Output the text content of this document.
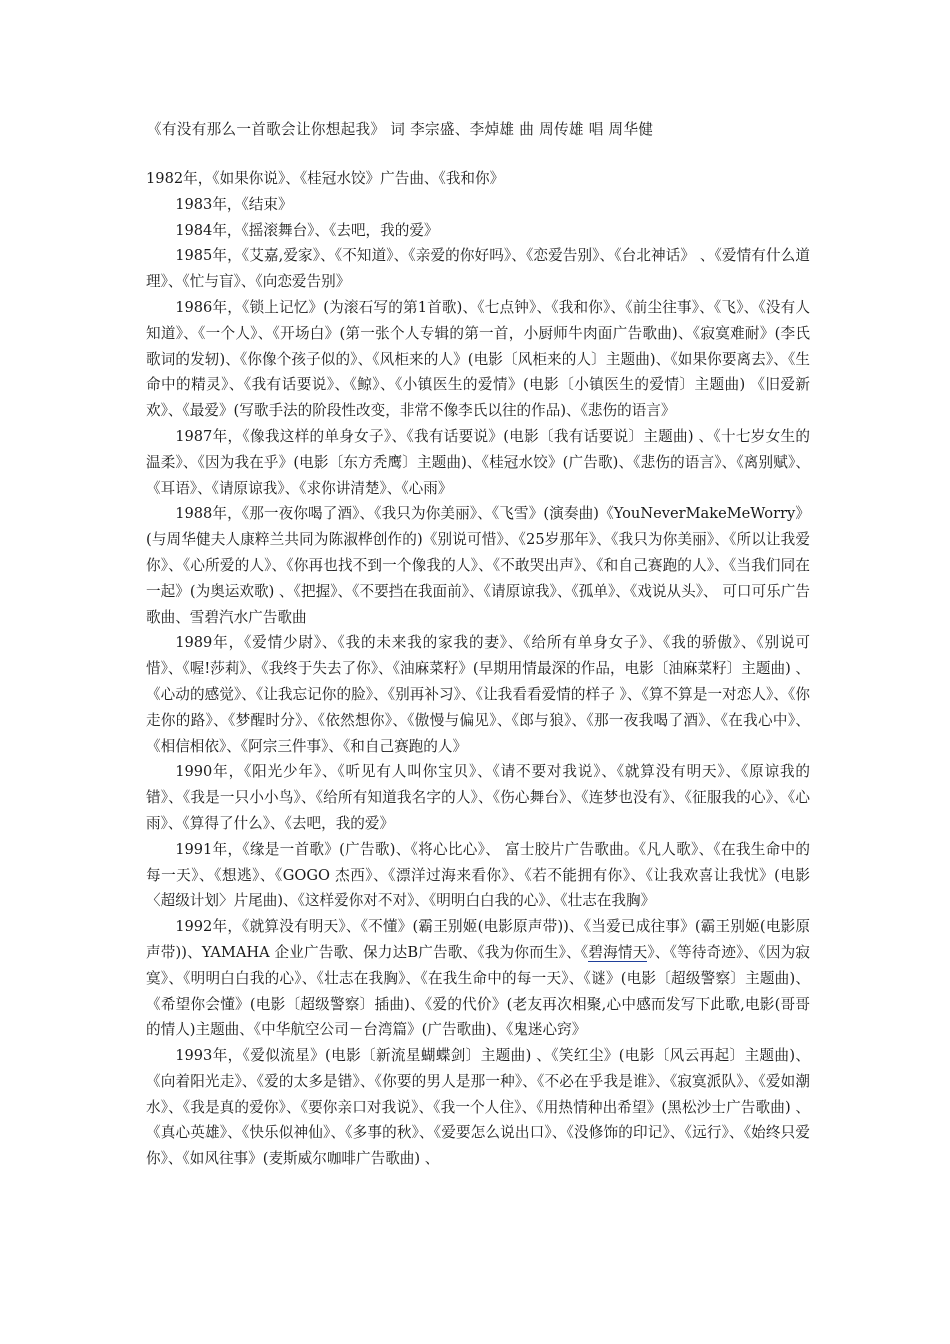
《有没有那么一首歌会让你想起我》 词 李宗盛、李焯雄 曲 周传雄 唱 周华健

1982年，《如果你说》、《桂冠水饺》广告曲、《我和你》

1983年，《结束》

1984年，《摇滚舞台》、《去吧，我的爱》

1985年，《艾嘉,爱家》、《不知道》、《亲爱的你好吗》、《恋爱告别》、《台北神话》 、《爱情有什么道理》、《忙与盲》、《向恋爱告别》

1986年，《锁上记忆》(为滚石写的第1首歌)、《七点钟》、《我和你》、《前尘往事》、《飞》、《没有人知道》、《一个人》、《开场白》(第一张个人专辑的第一首，小厨师牛肉面广告歌曲)、《寂寞难耐》(李氏歌词的发轫)、《你像个孩子似的》、《风柜来的人》(电影〔风柜来的人〕主题曲)、《如果你要离去》、《生命中的精灵》、《我有话要说》、《鲸》、《小镇医生的爱情》(电影〔小镇医生的爱情〕主题曲) 《旧爱新欢》、《最爱》(写歌手法的阶段性改变，非常不像李氏以往的作品)、《悲伤的语言》

1987年，《像我这样的单身女子》、《我有话要说》(电影〔我有话要说〕主题曲) 、《十七岁女生的温柔》、《因为我在乎》(电影〔东方秃鹰〕主题曲)、《桂冠水饺》(广告歌)、《悲伤的语言》、《离别赋》、《耳语》、《请原谅我》、《求你讲清楚》、《心雨》

1988年，《那一夜你喝了酒》、《我只为你美丽》、《飞雪》(演奏曲)《YouNeverMakeMeWorry》(与周华健夫人康粹兰共同为陈淑桦创作的)《别说可惜》、《25岁那年》、《我只为你美丽》、《所以让我爱你》、《心所爱的人》、《你再也找不到一个像我的人》、《不敢哭出声》、《和自己赛跑的人》、《当我们同在一起》(为奥运欢歌) 、《把握》、《不要挡在我面前》、《请原谅我》、《孤单》、《戏说从头》、 可口可乐广告歌曲、雪碧汽水广告歌曲

1989年，《爱情少尉》、《我的未来我的家我的妻》、《给所有单身女子》、《我的骄傲》、《别说可惜》、《喔!莎莉》、《我终于失去了你》、《油麻菜籽》(早期用情最深的作品，电影〔油麻菜籽〕主题曲) 、《心动的感觉》、《让我忘记你的脸》、《别再补习》、《让我看看爱情的样子 》、《算不算是一对恋人》、《你走你的路》、《梦醒时分》、《依然想你》、《傲慢与偏见》、《郎与狼》、《那一夜我喝了酒》、《在我心中》、《相信相依》、《阿宗三件事》、《和自己赛跑的人》

1990年，《阳光少年》、《听见有人叫你宝贝》、《请不要对我说》、《就算没有明天》、《原谅我的错》、《我是一只小小鸟》、《给所有知道我名字的人》、《伤心舞台》、《连梦也没有》、《征服我的心》、《心雨》、《算得了什么》、《去吧，我的爱》

1991年，《缘是一首歌》(广告歌)、《将心比心》、 富士胶片广告歌曲。《凡人歌》、《在我生命中的每一天》、《想逃》、《GOGO 杰西》、《漂洋过海来看你》、《若不能拥有你》、《让我欢喜让我忧》(电影〈超级计划〉片尾曲)、《这样爱你对不对》、《明明白白我的心》、《壮志在我胸》

1992年，《就算没有明天》、《不懂》(霸王别姬(电影原声带))、《当爱已成往事》(霸王别姬(电影原声带))、YAMAHA 企业广告歌、保力达B广告歌、《我为你而生》、《碧海情天》、《等待奇迹》、《因为寂寞》、《明明白白我的心》、《壮志在我胸》、《在我生命中的每一天》、《谜》(电影〔超级警察〕主题曲)、《希望你会懂》(电影〔超级警察〕插曲)、《爱的代价》(老友再次相聚,心中感而发写下此歌,电影(哥哥的情人)主题曲、《中华航空公司－台湾篇》(广告歌曲)、《鬼迷心窍》

1993年，《爱似流星》(电影〔新流星蝴蝶剑〕主题曲) 、《笑红尘》(电影〔风云再起〕主题曲)、《向着阳光走》、《爱的太多是错》、《你要的男人是那一种》、《不必在乎我是谁》、《寂寞派队》、《爱如潮水》、《我是真的爱你》、《要你亲口对我说》、《我一个人住》、《用热情种出希望》(黑松沙士广告歌曲) 、《真心英雄》、《快乐似神仙》、《多事的秋》、《爱要怎么说出口》、《没修饰的印记》、《远行》、《始终只爱你》、《如风往事》(麦斯威尔咖啡广告歌曲) 、
